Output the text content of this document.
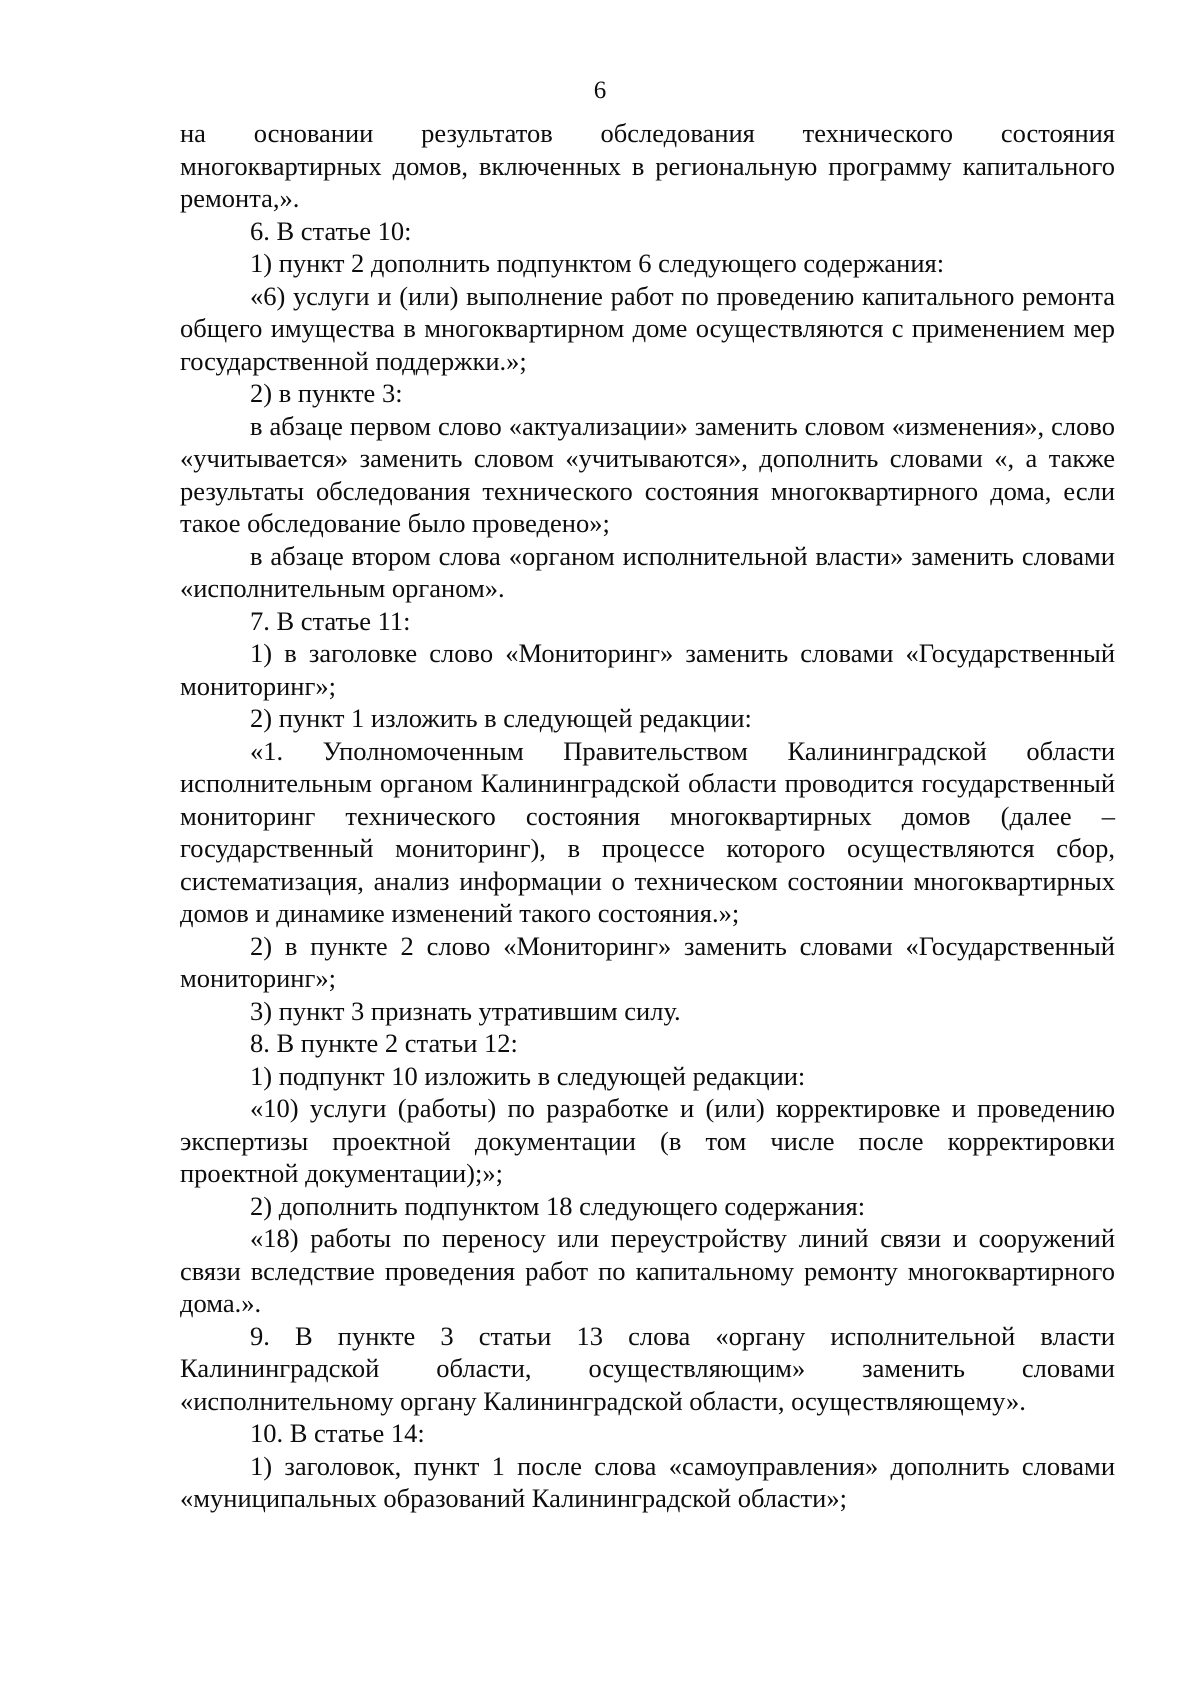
6

на основании результатов обследования технического состояния многоквартирных домов, включенных в региональную программу капитального ремонта,».

6. В статье 10:

1) пункт 2 дополнить подпунктом 6 следующего содержания:

«6) услуги и (или) выполнение работ по проведению капитального ремонта общего имущества в многоквартирном доме осуществляются с применением мер государственной поддержки.»;

2) в пункте 3:

в абзаце первом слово «актуализации» заменить словом «изменения», слово «учитывается» заменить словом «учитываются», дополнить словами «, а также результаты обследования технического состояния многоквартирного дома, если такое обследование было проведено»;

в абзаце втором слова «органом исполнительной власти» заменить словами «исполнительным органом».

7. В статье 11:

1) в заголовке слово «Мониторинг» заменить словами «Государственный мониторинг»;

2) пункт 1 изложить в следующей редакции:

«1. Уполномоченным Правительством Калининградской области исполнительным органом Калининградской области проводится государственный мониторинг технического состояния многоквартирных домов (далее – государственный мониторинг), в процессе которого осуществляются сбор, систематизация, анализ информации о техническом состоянии многоквартирных домов и динамике изменений такого состояния.»;

2) в пункте 2 слово «Мониторинг» заменить словами «Государственный мониторинг»;

3) пункт 3 признать утратившим силу.

8. В пункте 2 статьи 12:

1) подпункт 10 изложить в следующей редакции:

«10) услуги (работы) по разработке и (или) корректировке и проведению экспертизы проектной документации (в том числе после корректировки проектной документации);»;

2) дополнить подпунктом 18 следующего содержания:

«18) работы по переносу или переустройству линий связи и сооружений связи вследствие проведения работ по капитальному ремонту многоквартирного дома.».

9. В пункте 3 статьи 13 слова «органу исполнительной власти Калининградской области, осуществляющим» заменить словами «исполнительному органу Калининградской области, осуществляющему».

10. В статье 14:

1) заголовок, пункт 1 после слова «самоуправления» дополнить словами «муниципальных образований Калининградской области»;
